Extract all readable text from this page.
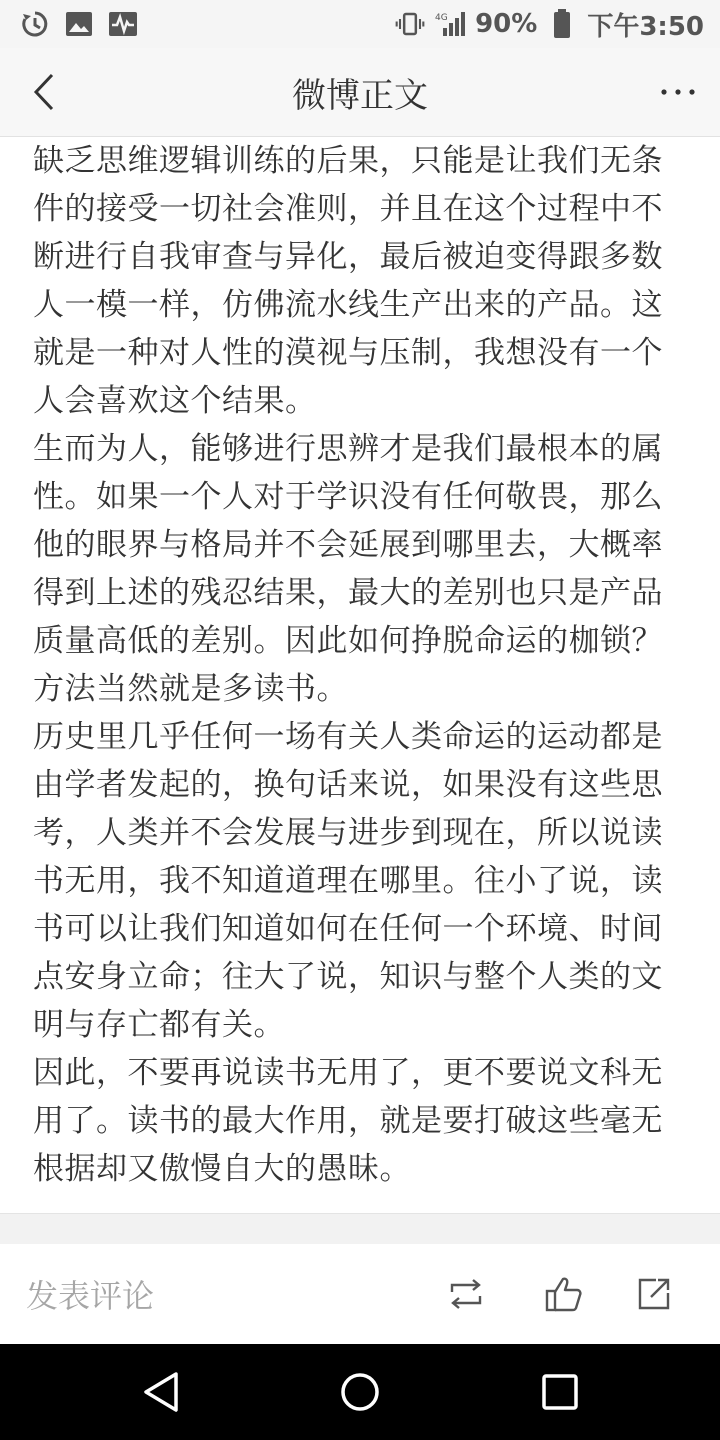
4G 90% 下午3:50
微博正文

缺乏思维逻辑训练的后果，只能是让我们无条件的接受一切社会准则，并且在这个过程中不断进行自我审查与异化，最后被迫变得跟多数人一模一样，仿佛流水线生产出来的产品。这就是一种对人性的漠视与压制，我想没有一个人会喜欢这个结果。

生而为人，能够进行思辨才是我们最根本的属性。如果一个人对于学识没有任何敬畏，那么他的眼界与格局并不会延展到哪里去，大概率得到上述的残忍结果，最大的差别也只是产品质量高低的差别。因此如何挣脱命运的枷锁？方法当然就是多读书。

历史里几乎任何一场有关人类命运的运动都是由学者发起的，换句话来说，如果没有这些思考，人类并不会发展与进步到现在，所以说读书无用，我不知道道理在哪里。往小了说，读书可以让我们知道如何在任何一个环境、时间点安身立命；往大了说，知识与整个人类的文明与存亡都有关。

因此，不要再说读书无用了，更不要说文科无用了。读书的最大作用，就是要打破这些毫无根据却又傲慢自大的愚昧。

发表评论
